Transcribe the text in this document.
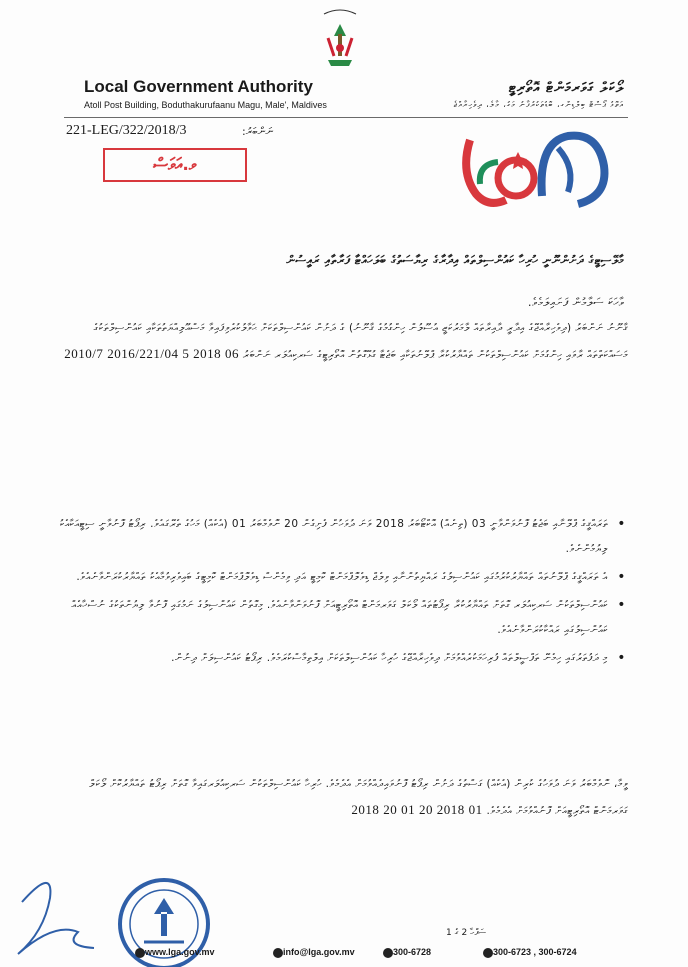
Local Government Authority
Atoll Post Building, Boduthakurufaanu Magu, Male', Maldives
ލޯކަލް ގަވަރމަންޓް އޮތޯރިޓީ
އަތޮޅު ޕޯސްޓް ބިލްޑިންގ، ބޮޑުތަކުރުފާނު މަގު، މާލެ، ދިވެހިރާއްޖެ
221-LEG/322/2018/3	ނަންބަރު:
ވ.އަވަސް
މާލޭސިޓީގެ ދަށުންނޫނީ ހުރިހާ ކައުންސިލްތައް އިދާރާގެ ރިޔާސަތުގެ ބަލަހައްޓާ ފަރާތާއި ރައީސުން
ވާހަކަ ސަލާމުން ފަށައިލަމެވެ.
ޤާނޫނު ނަންބަރު (ދިވެހިރާއްޖޭގެ އިދާރީ ދާއިރާތައް ލާމަރުކަޒީ އުސޫލުން ހިންގުމުގެ ޤާނޫނު) ގެ ދަށުން ކައުންސިލްތަކަށް ޙަވާލުކުރެވިފައިވާ މަސްއޫލިއްޔަތުތަކާއި ކައުންސިލްތަކުގެ މަސައްކަތްތައް ރާވައި ހިންގުމަށް ކައުންސިލްތަކުން ތައްޔާރުކުރާ ޕްލޭނުތަކާއި ބަޖެޓާ ގުޅޭގޮތުން އޮތޯރިޓީގެ ސަރކިއުލަރ ނަންބަރު 2010/7 2016/221/04 5 2018 06
• ތަރައްޤީގެ ޕްލޭނާއި ބަޖެޓު ފޮނުވަންވާނީ 03 (ތިނެއް) އޮކްޓޯބަރު 2018 ވަނަ ދުވަހުން ފެށިގެން 20 ނޮވެމްބަރު 01 (އެކެއް) މަހުގެ ތެރޭގައެވެ. ރިޕޯޓު ފޮނުވާނީ ސިޓީއަކާއެކު ލިޔުމުންނެވެ.
• އެ ތަރައްޤީގެ ޕްލޭނުތައް ތައްޔާރުކުރުމުގައި ކައުންސިލުގެ ރައްޔިތުންނާއި ވިލެޖް ޑިވެލޮޕްމަންޓް ކޮމިޓީ އަދި ވިމެންސް ޑިވެލޮޕްމަންޓް ކޮމިޓީގެ ބައިވެރިވުމާއެކު ތައްޔާރުކުރަންވާނެއެވެ.
• ކައުންސިލްތަކުން ސަރކިއުލަރ ގޮތަށް ތައްޔާރުކުރާ ރިޕޯޓުތައް ލޯކަލް ގަވަރމަންޓް އޮތޯރިޓީއަށް ފޮނުވަންވާނެއެވެ. މިގޮތުން ކައުންސިލުގެ ނަމުގައި ފޮނުވާ ލިޔުންތަކުގެ ނުސްޚާއެއް ކައުންސިލުގައި ރައްކާކުރަންވާނެއެވެ.
• މި ދަފުތަރުގައި ހިމެނޭ ތަފްޞީލްތައް ފުރިހަމަކުރެއްވުމަށް ދިވެހިރާއްޖޭގެ ހުރިހާ ކައުންސިލްތަކަށް އިލްތިމާސްކުރަމެވެ. ރިޕޯޓު ކައުންސިލަށް ދިނުން.
ވީމާ، ނޮވެމްބަރު ވަނަ ދުވަހުގެ ކުރިން (އެކެއް) ގަސްތުގެ ދަށުން ރިޕޯޓު ފޮނުވައިދެއްވުމަށް އެދެމެވެ. ހުރިހާ ކައުންސިލްތަކުން ސަރކިއުލަރގައިވާ ގޮތަށް ރިޕޯޓު ތައްޔާރުކޮށް ލޯކަލް ގަވަރމަންޓް އޮތޯރިޓީއަށް ފޮނުއްވުމަށް އެދެމެވެ. 2018 20 01 20 2018 01
ސަފްހާ 2 ގެ 1
www.lga.gov.mv	info@lga.gov.mv	300-6728	300-6723 , 300-6724
